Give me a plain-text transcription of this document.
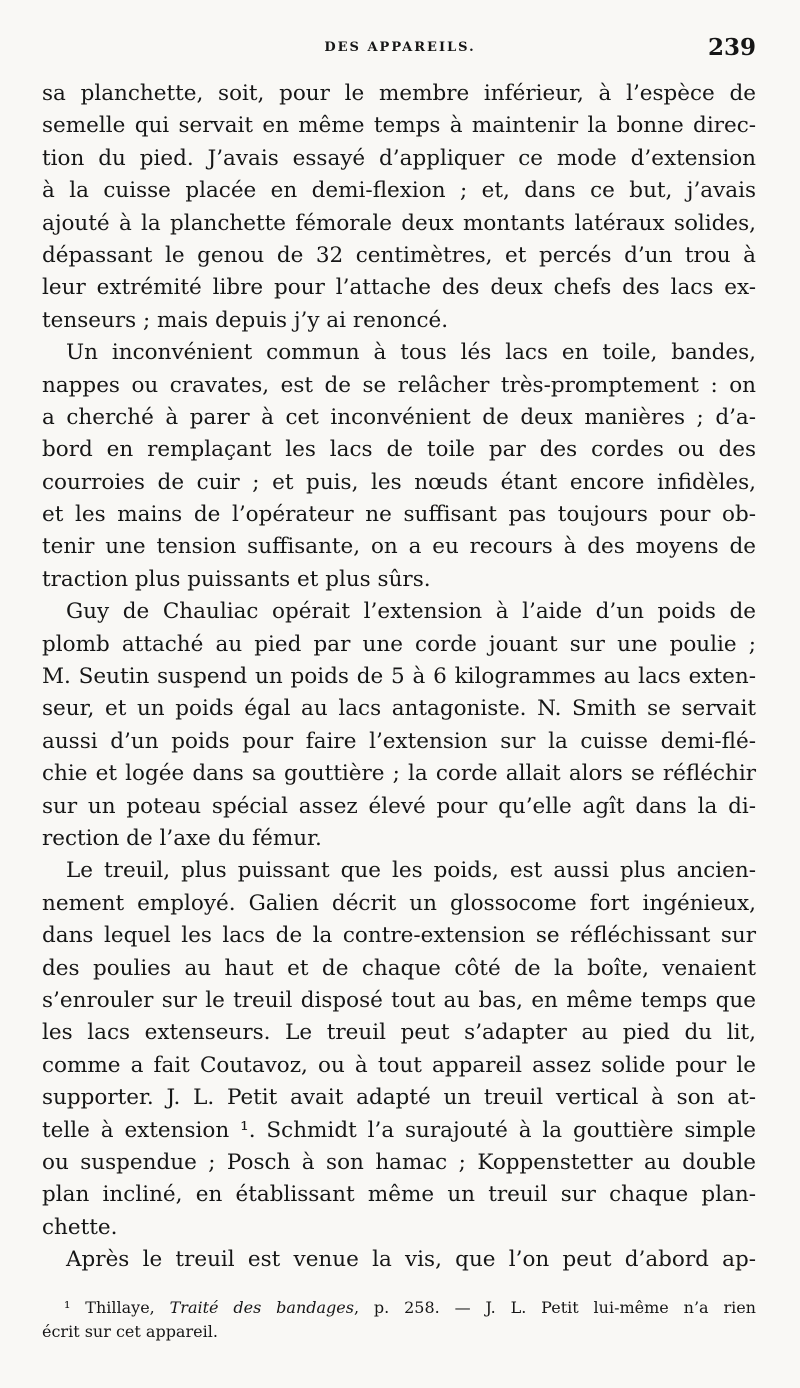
DES APPAREILS.	239
sa planchette, soit, pour le membre inférieur, à l’espèce de
semelle qui servait en même temps à maintenir la bonne direc-
tion du pied. J’avais essayé d’appliquer ce mode d’extension
à la cuisse placée en demi-flexion ; et, dans ce but, j’avais
ajouté à la planchette fémorale deux montants latéraux solides,
dépassant le genou de 32 centimètres, et percés d’un trou à
leur extrémité libre pour l’attache des deux chefs des lacs ex-
tenseurs ; mais depuis j’y ai renoncé.
Un inconvénient commun à tous lés lacs en toile, bandes,
nappes ou cravates, est de se relâcher très-promptement : on
a cherché à parer à cet inconvénient de deux manières ; d’a-
bord en remplaçant les lacs de toile par des cordes ou des
courroies de cuir ; et puis, les nœuds étant encore infidèles,
et les mains de l’opérateur ne suffisant pas toujours pour ob-
tenir une tension suffisante, on a eu recours à des moyens de
traction plus puissants et plus sûrs.
Guy de Chauliac opérait l’extension à l’aide d’un poids de
plomb attaché au pied par une corde jouant sur une poulie ;
M. Seutin suspend un poids de 5 à 6 kilogrammes au lacs exten-
seur, et un poids égal au lacs antagoniste. N. Smith se servait
aussi d’un poids pour faire l’extension sur la cuisse demi-flé-
chie et logée dans sa gouttière ; la corde allait alors se réfléchir
sur un poteau spécial assez élevé pour qu’elle agît dans la di-
rection de l’axe du fémur.
Le treuil, plus puissant que les poids, est aussi plus ancien-
nement employé. Galien décrit un glossocome fort ingénieux,
dans lequel les lacs de la contre-extension se réfléchissant sur
des poulies au haut et de chaque côté de la boîte, venaient
s’enrouler sur le treuil disposé tout au bas, en même temps que
les lacs extenseurs. Le treuil peut s’adapter au pied du lit,
comme a fait Coutavoz, ou à tout appareil assez solide pour le
supporter. J. L. Petit avait adapté un treuil vertical à son at-
telle à extension ¹. Schmidt l’a surajouté à la gouttière simple
ou suspendue ; Posch à son hamac ; Koppenstetter au double
plan incliné, en établissant même un treuil sur chaque plan-
chette.
Après le treuil est venue la vis, que l’on peut d’abord ap-
¹ Thillaye, Traité des bandages, p. 258. — J. L. Petit lui-même n’a rien
écrit sur cet appareil.
